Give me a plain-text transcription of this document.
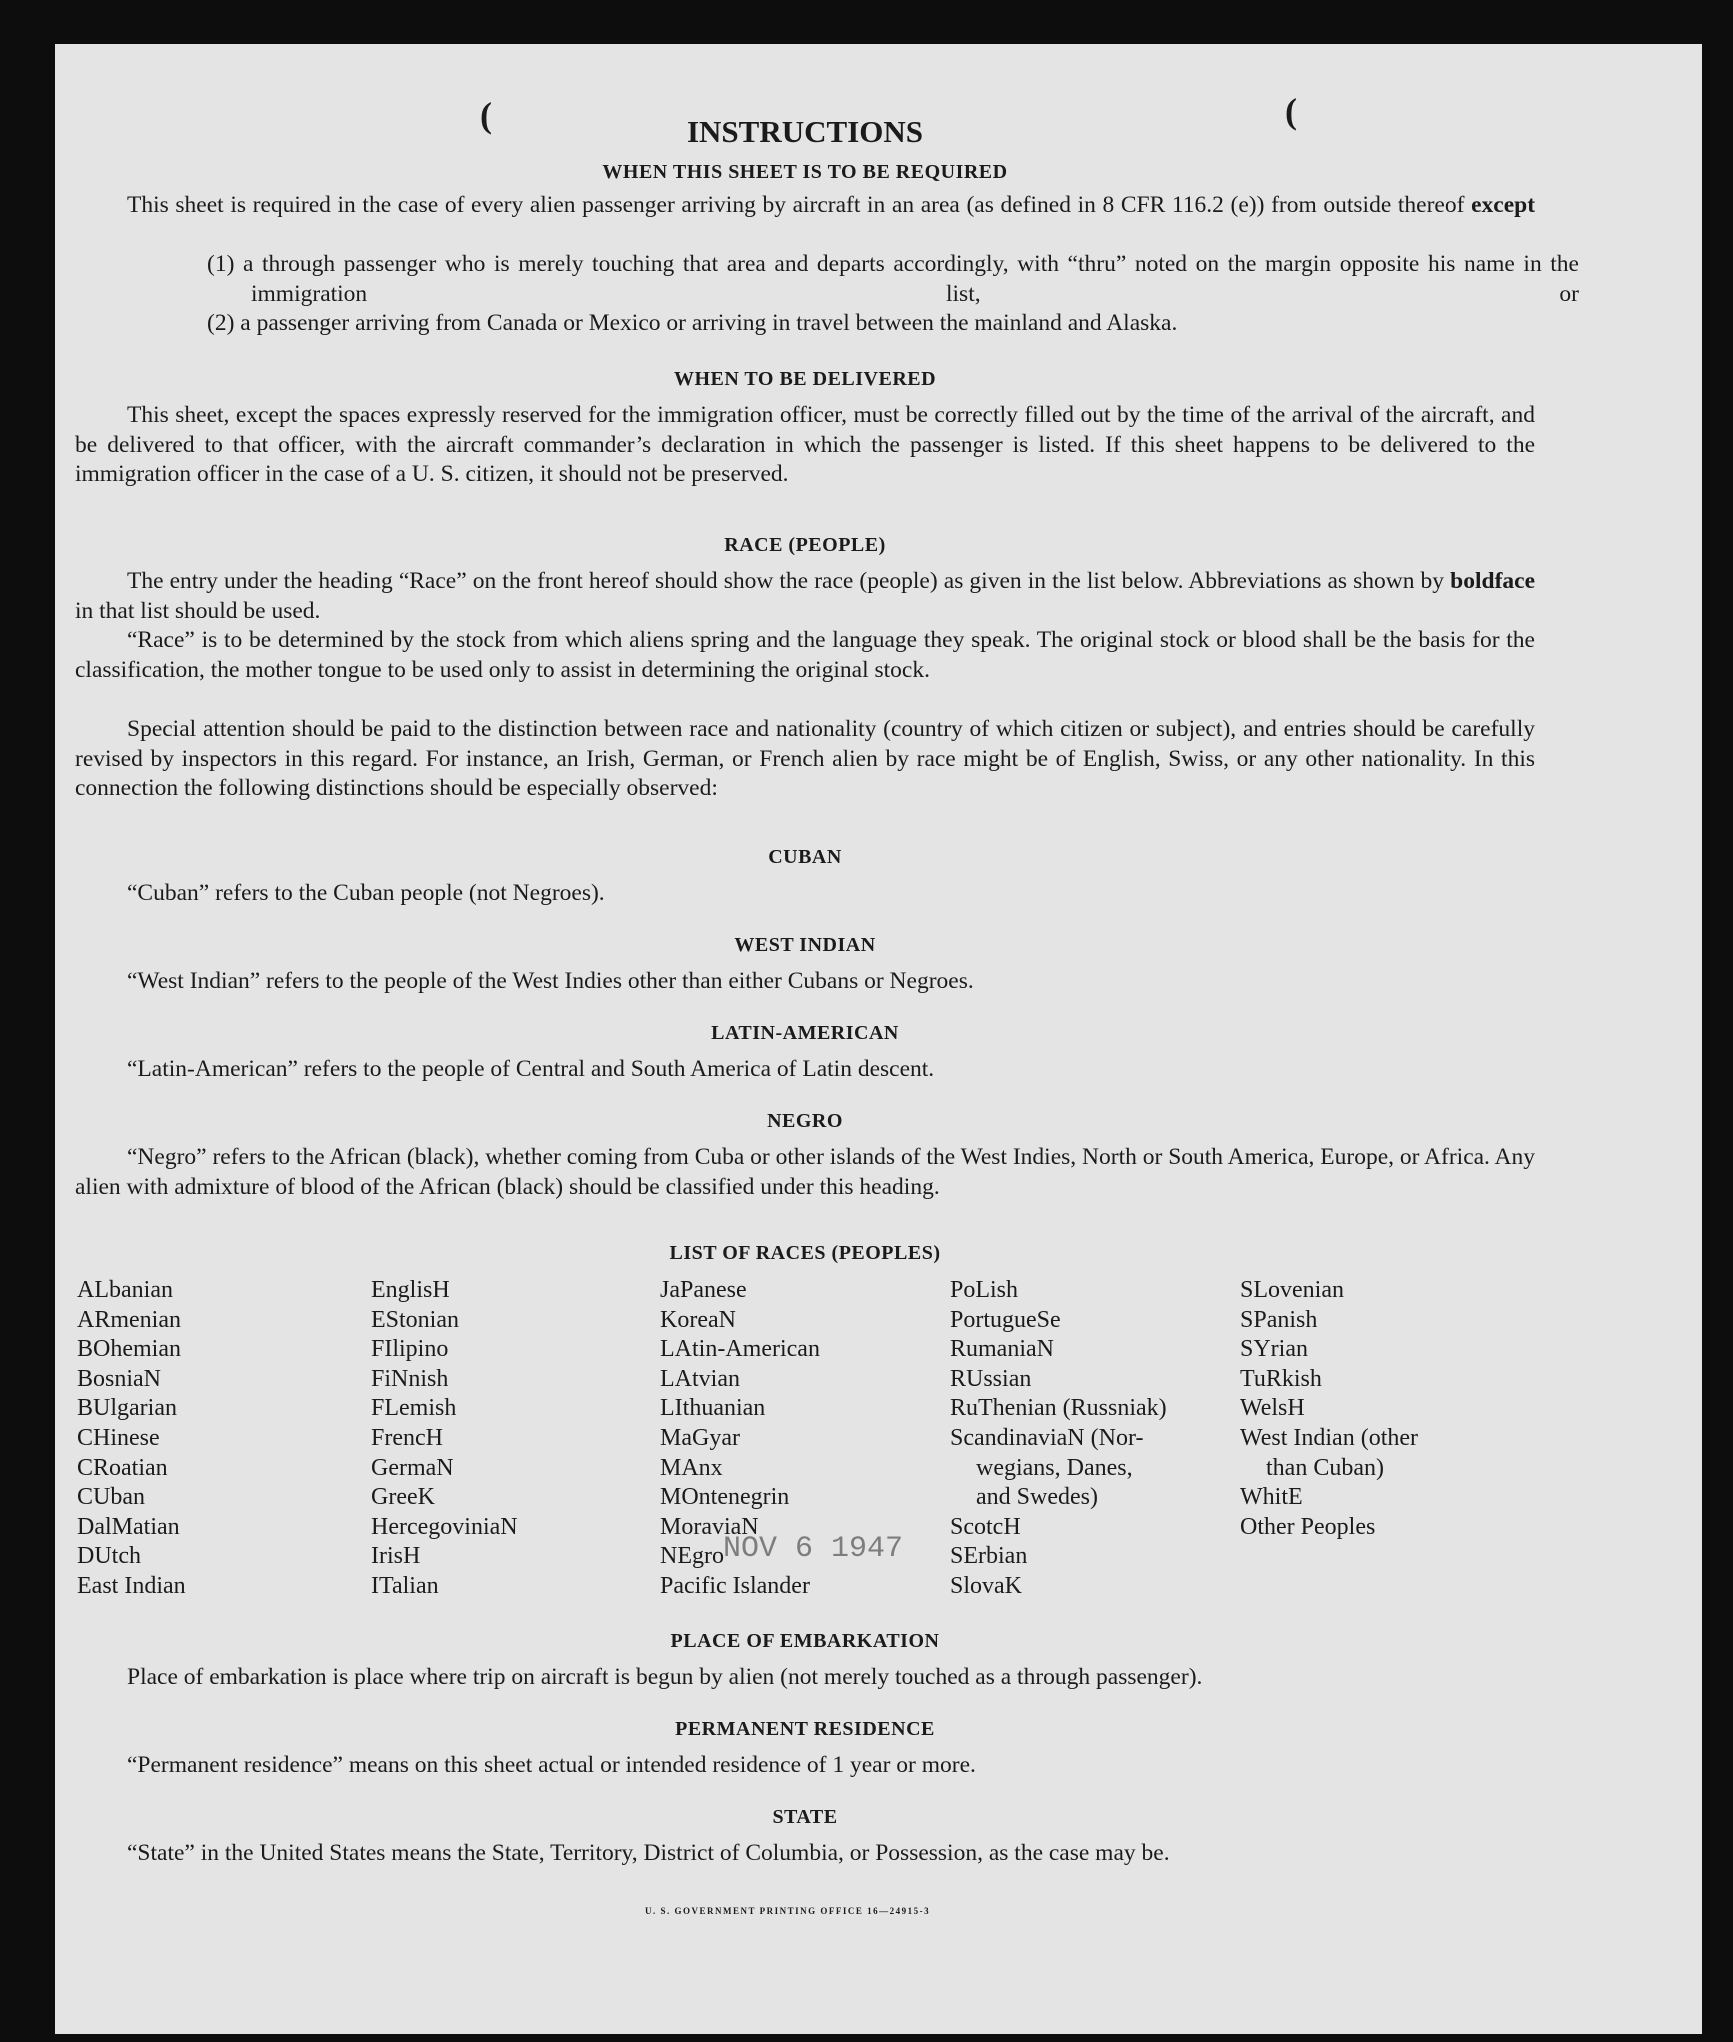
(	(
INSTRUCTIONS
WHEN THIS SHEET IS TO BE REQUIRED
This sheet is required in the case of every alien passenger arriving by aircraft in an area (as defined in 8 CFR 116.2 (e)) from outside thereof except
(1) a through passenger who is merely touching that area and departs accordingly, with “thru” noted on the margin opposite his name in the immigration list, or
(2) a passenger arriving from Canada or Mexico or arriving in travel between the mainland and Alaska.
WHEN TO BE DELIVERED
This sheet, except the spaces expressly reserved for the immigration officer, must be correctly filled out by the time of the arrival of the aircraft, and be delivered to that officer, with the aircraft commander’s declaration in which the passenger is listed. If this sheet happens to be delivered to the immigration officer in the case of a U. S. citizen, it should not be preserved.
RACE (PEOPLE)
The entry under the heading “Race” on the front hereof should show the race (people) as given in the list below. Abbreviations as shown by boldface in that list should be used.
“Race” is to be determined by the stock from which aliens spring and the language they speak. The original stock or blood shall be the basis for the classification, the mother tongue to be used only to assist in determining the original stock.
Special attention should be paid to the distinction between race and nationality (country of which citizen or subject), and entries should be carefully revised by inspectors in this regard. For instance, an Irish, German, or French alien by race might be of English, Swiss, or any other nationality. In this connection the following distinctions should be especially observed:
CUBAN
“Cuban” refers to the Cuban people (not Negroes).
WEST INDIAN
“West Indian” refers to the people of the West Indies other than either Cubans or Negroes.
LATIN-AMERICAN
“Latin-American” refers to the people of Central and South America of Latin descent.
NEGRO
“Negro” refers to the African (black), whether coming from Cuba or other islands of the West Indies, North or South America, Europe, or Africa. Any alien with admixture of blood of the African (black) should be classified under this heading.
LIST OF RACES (PEOPLES)
ALbanian
ARmenian
BOhemian
BosniaN
BUlgarian
CHinese
CRoatian
CUban
DalMatian
DUtch
East Indian
EnglisH
EStonian
FIlipino
FiNnish
FLemish
FrencH
GermaN
GreeK
HercegoviniaN
IrisH
ITalian
JaPanese
KoreaN
LAtin-American
LAtvian
LIthuanian
MaGyar
MAnx
MOntenegrin
MoraviaN
NEgro
Pacific Islander
PoLish
PortugueSe
RumaniaN
RUssian
RuThenian (Russniak)
ScandinaviaN (Nor-
wegians, Danes,
and Swedes)
ScotcH
SErbian
SlovaK
SLovenian
SPanish
SYrian
TuRkish
WelsH
West Indian (other
than Cuban)
WhitE
Other Peoples
NOV 6 1947
PLACE OF EMBARKATION
Place of embarkation is place where trip on aircraft is begun by alien (not merely touched as a through passenger).
PERMANENT RESIDENCE
“Permanent residence” means on this sheet actual or intended residence of 1 year or more.
STATE
“State” in the United States means the State, Territory, District of Columbia, or Possession, as the case may be.
U. S. GOVERNMENT PRINTING OFFICE 16—24915-3
